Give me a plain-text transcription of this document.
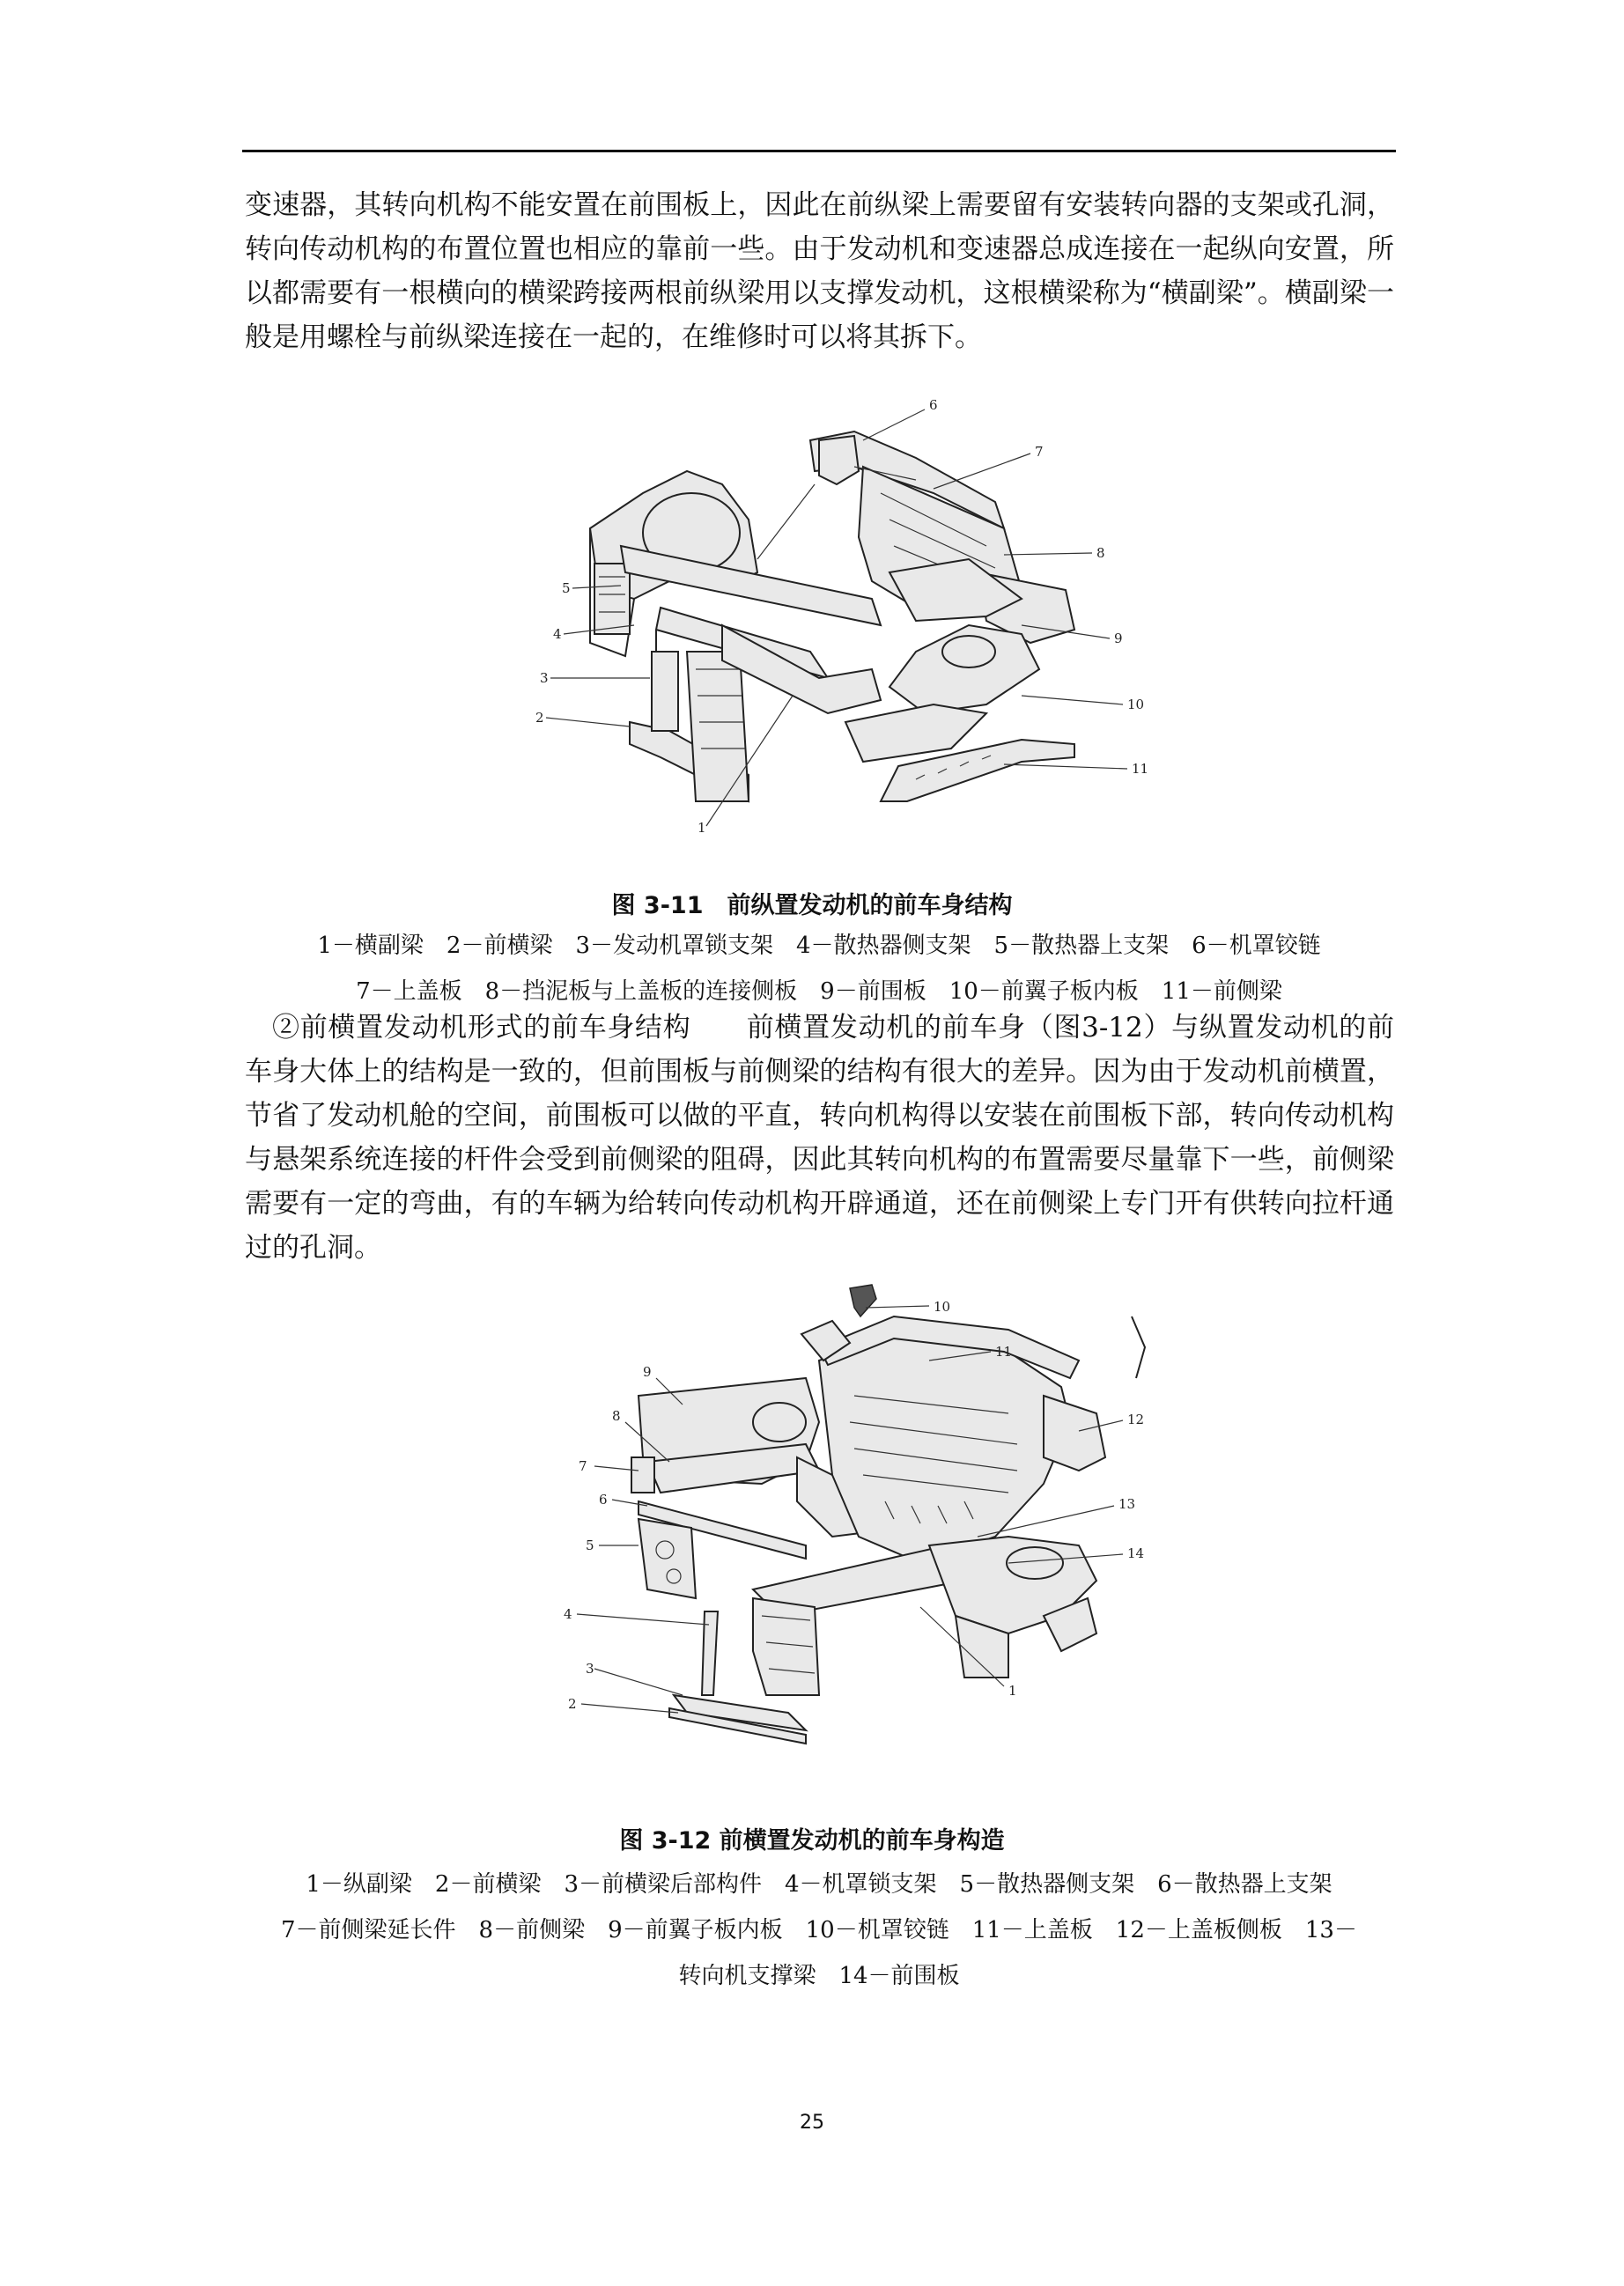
变速器，其转向机构不能安置在前围板上，因此在前纵梁上需要留有安装转向器的支架或孔洞，转向传动机构的布置位置也相应的靠前一些。由于发动机和变速器总成连接在一起纵向安置，所以都需要有一根横向的横梁跨接两根前纵梁用以支撑发动机，这根横梁称为“横副梁”。横副梁一般是用螺栓与前纵梁连接在一起的，在维修时可以将其拆下。

1
2
3
4
5
6
7
8
9
10
11
图 3-11　前纵置发动机的前车身结构
1－横副梁　2－前横梁　3－发动机罩锁支架　4－散热器侧支架　5－散热器上支架　6－机罩铰链
7－上盖板　8－挡泥板与上盖板的连接侧板　9－前围板　10－前翼子板内板　11－前侧梁

②前横置发动机形式的前车身结构　　前横置发动机的前车身（图3-12）与纵置发动机的前车身大体上的结构是一致的，但前围板与前侧梁的结构有很大的差异。因为由于发动机前横置，节省了发动机舱的空间，前围板可以做的平直，转向机构得以安装在前围板下部，转向传动机构与悬架系统连接的杆件会受到前侧梁的阻碍，因此其转向机构的布置需要尽量靠下一些，前侧梁需要有一定的弯曲，有的车辆为给转向传动机构开辟通道，还在前侧梁上专门开有供转向拉杆通过的孔洞。

1
2
3
4
5
6
7
8
9
10
11
12
13
14
图 3-12 前横置发动机的前车身构造
1－纵副梁　2－前横梁　3－前横梁后部构件　4－机罩锁支架　5－散热器侧支架　6－散热器上支架
7－前侧梁延长件　8－前侧梁　9－前翼子板内板　10－机罩铰链　11－上盖板　12－上盖板侧板　13－
转向机支撑梁　14－前围板
25
